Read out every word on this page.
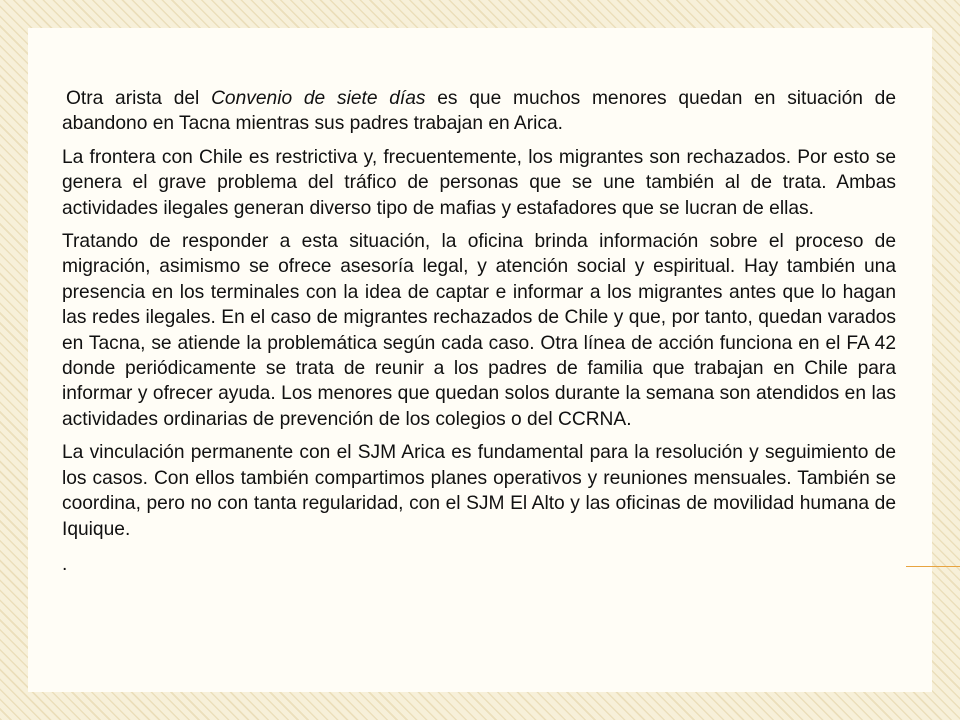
Otra arista del Convenio de siete días es que muchos menores quedan en situación de abandono en Tacna mientras sus padres trabajan en Arica.

La frontera con Chile es restrictiva y, frecuentemente, los migrantes son rechazados. Por esto se genera el grave problema del tráfico de personas que se une también al de trata. Ambas actividades ilegales generan diverso tipo de mafias y estafadores que se lucran de ellas.

Tratando de responder a esta situación, la oficina brinda información sobre el proceso de migración, asimismo se ofrece asesoría legal, y atención social y espiritual. Hay también una presencia en los terminales con la idea de captar e informar a los migrantes antes que lo hagan las redes ilegales. En el caso de migrantes rechazados de Chile y que, por tanto, quedan varados en Tacna, se atiende la problemática según cada caso. Otra línea de acción funciona en el FA 42 donde periódicamente se trata de reunir a los padres de familia que trabajan en Chile para informar y ofrecer ayuda. Los menores que quedan solos durante la semana son atendidos en las actividades ordinarias de prevención de los colegios o del CCRNA.

La vinculación permanente con el SJM Arica es fundamental para la resolución y seguimiento de los casos. Con ellos también compartimos planes operativos y reuniones mensuales. También se coordina, pero no con tanta regularidad, con el SJM El Alto y las oficinas de movilidad humana de Iquique.

.
